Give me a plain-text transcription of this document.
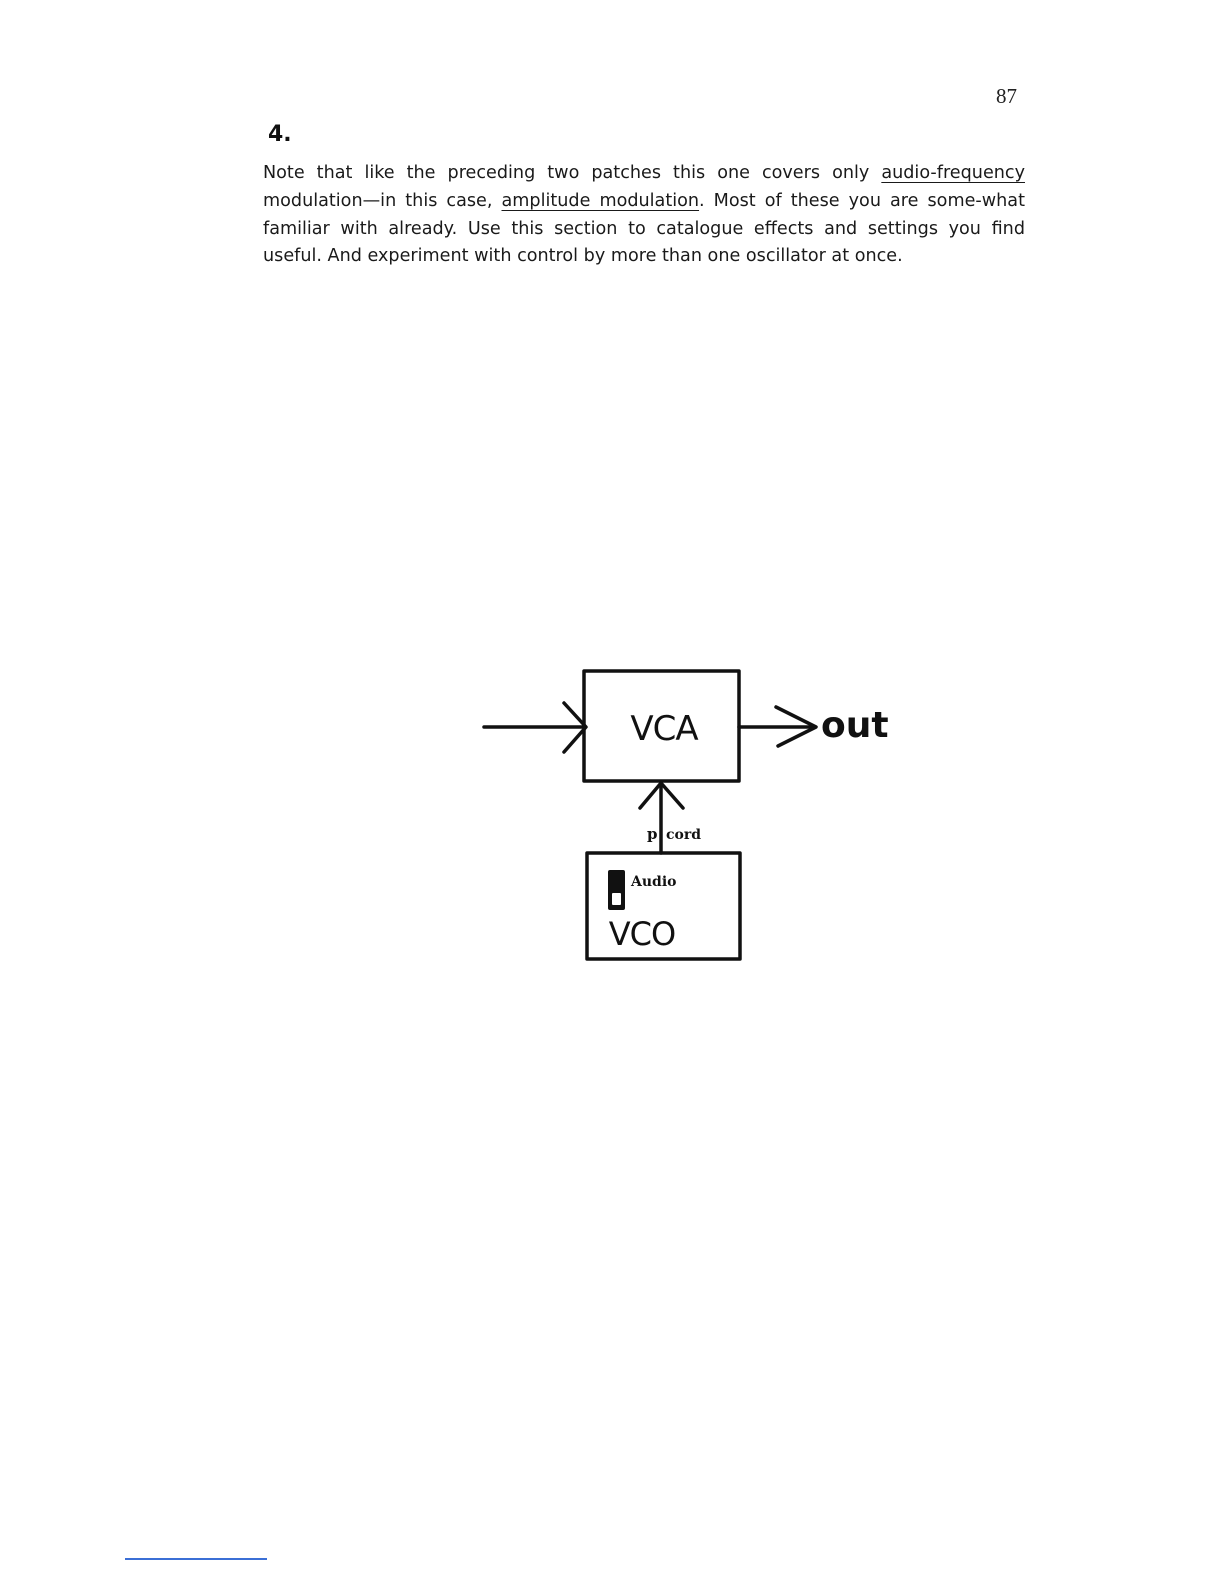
87
4.

Note that like the preceding two patches this one covers only audio-frequency modulation—in this case, amplitude modulation. Most of these you are some-what familiar with already. Use this section to catalogue effects and settings you find useful. And experiment with control by more than one oscillator at once.

VCA	out
p cord
Audio
VCO
